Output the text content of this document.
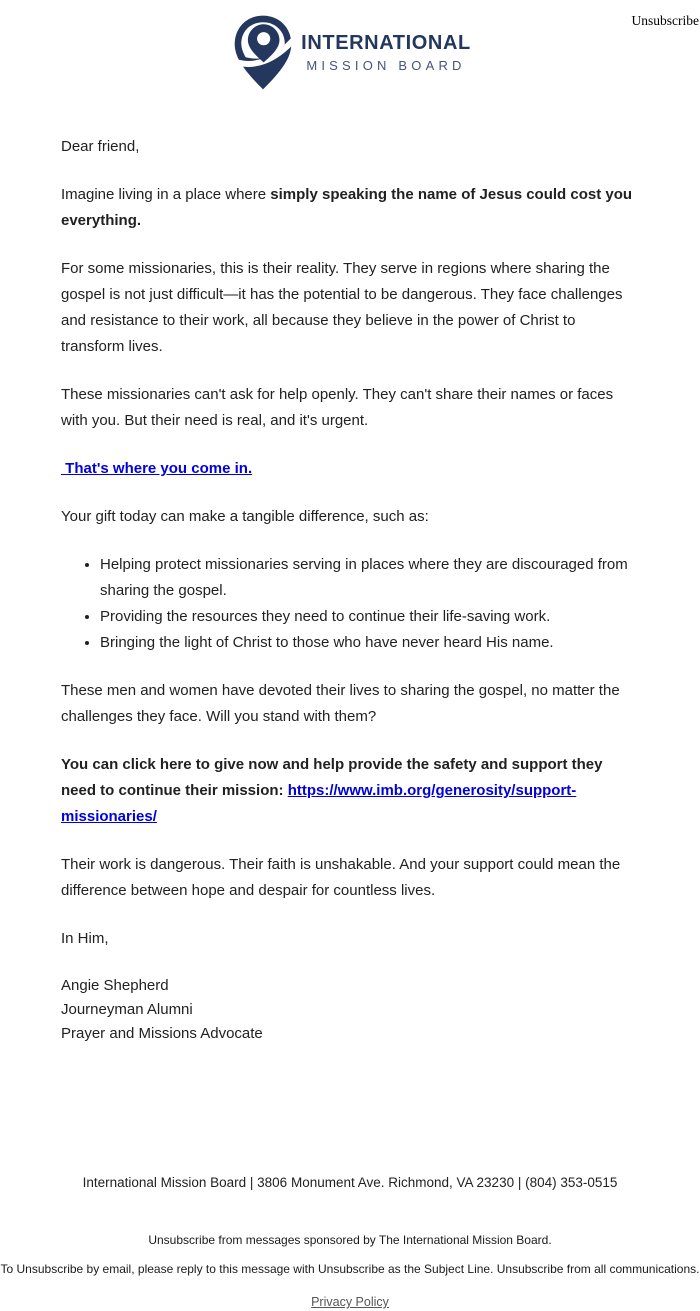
Unsubscribe
INTERNATIONAL
MISSION BOARD

Dear friend,

Imagine living in a place where simply speaking the name of Jesus could cost you everything.

For some missionaries, this is their reality. They serve in regions where sharing the gospel is not just difficult—it has the potential to be dangerous. They face challenges and resistance to their work, all because they believe in the power of Christ to transform lives.

These missionaries can't ask for help openly. They can't share their names or faces with you. But their need is real, and it's urgent.

That's where you come in.

Your gift today can make a tangible difference, such as:

• Helping protect missionaries serving in places where they are discouraged from sharing the gospel.
• Providing the resources they need to continue their life-saving work.
• Bringing the light of Christ to those who have never heard His name.

These men and women have devoted their lives to sharing the gospel, no matter the challenges they face. Will you stand with them?

You can click here to give now and help provide the safety and support they need to continue their mission: https://www.imb.org/generosity/support-missionaries/

Their work is dangerous. Their faith is unshakable. And your support could mean the difference between hope and despair for countless lives.

In Him,

Angie Shepherd
Journeyman Alumni
Prayer and Missions Advocate
International Mission Board | 3806 Monument Ave. Richmond, VA 23230 | (804) 353-0515
Unsubscribe from messages sponsored by The International Mission Board.
To Unsubscribe by email, please reply to this message with Unsubscribe as the Subject Line. Unsubscribe from all communications.
Privacy Policy
